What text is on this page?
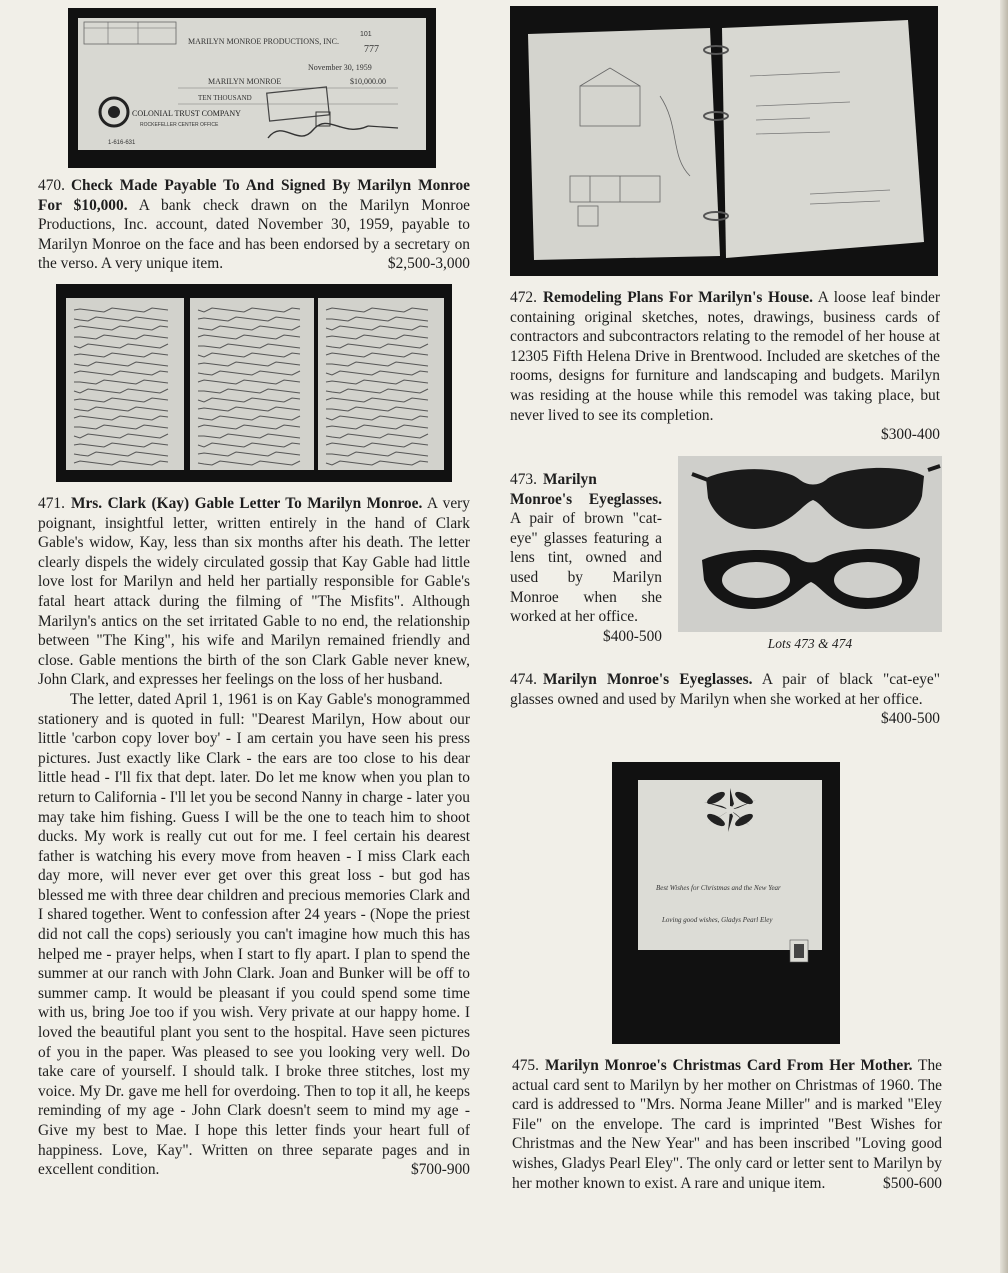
MARILYN MONROE PRODUCTIONS, INC.
101
777
November 30, 1959
MARILYN MONROE	$10,000.00
TEN THOUSAND
COLONIAL TRUST COMPANY
ROCKEFELLER CENTER OFFICE
1-616-631
470. Check Made Payable To And Signed By Marilyn Monroe For $10,000. A bank check drawn on the Marilyn Monroe Productions, Inc. account, dated November 30, 1959, payable to Marilyn Monroe on the face and has been endorsed by a secretary on the verso. A very unique item.	$2,500-3,000
471. Mrs. Clark (Kay) Gable Letter To Marilyn Monroe. A very poignant, insightful letter, written entirely in the hand of Clark Gable's widow, Kay, less than six months after his death. The letter clearly dispels the widely circulated gossip that Kay Gable had little love lost for Marilyn and held her partially responsible for Gable's fatal heart attack during the filming of "The Misfits". Although Marilyn's antics on the set irritated Gable to no end, the relationship between "The King", his wife and Marilyn remained friendly and close. Gable mentions the birth of the son Clark Gable never knew, John Clark, and expresses her feelings on the loss of her husband.

The letter, dated April 1, 1961 is on Kay Gable's monogrammed stationery and is quoted in full: "Dearest Marilyn, How about our little 'carbon copy lover boy' - I am certain you have seen his press pictures. Just exactly like Clark - the ears are too close to his dear little head - I'll fix that dept. later. Do let me know when you plan to return to California - I'll let you be second Nanny in charge - later you may take him fishing. Guess I will be the one to teach him to shoot ducks. My work is really cut out for me. I feel certain his dearest father is watching his every move from heaven - I miss Clark each day more, will never ever get over this great loss - but god has blessed me with three dear children and precious memories Clark and I shared together. Went to confession after 24 years - (Nope the priest did not call the cops) seriously you can't imagine how much this has helped me - prayer helps, when I start to fly apart. I plan to spend the summer at our ranch with John Clark. Joan and Bunker will be off to summer camp. It would be pleasant if you could spend some time with us, bring Joe too if you wish. Very private at our happy home. I loved the beautiful plant you sent to the hospital. Have seen pictures of you in the paper. Was pleased to see you looking very well. Do take care of yourself. I should talk. I broke three stitches, lost my voice. My Dr. gave me hell for overdoing. Then to top it all, he keeps reminding of my age - John Clark doesn't seem to mind my age - Give my best to Mae. I hope this letter finds your heart full of happiness. Love, Kay". Written on three separate pages and in excellent condition.	$700-900

472. Remodeling Plans For Marilyn's House. A loose leaf binder containing original sketches, notes, drawings, business cards of contractors and subcontractors relating to the remodel of her house at 12305 Fifth Helena Drive in Brentwood. Included are sketches of the rooms, designs for furniture and landscaping and budgets. Marilyn was residing at the house while this remodel was taking place, but never lived to see its completion.
$300-400
473. Marilyn Monroe's Eyeglasses. A pair of brown "cat-eye" glasses featuring a lens tint, owned and used by Marilyn Monroe when she worked at her office.
$400-500	Lots 473 & 474
474. Marilyn Monroe's Eyeglasses. A pair of black "cat-eye" glasses owned and used by Marilyn when she worked at her office.
$400-500
Best Wishes for Christmas and the New Year
Loving good wishes, Gladys Pearl Eley
475. Marilyn Monroe's Christmas Card From Her Mother. The actual card sent to Marilyn by her mother on Christmas of 1960. The card is addressed to "Mrs. Norma Jeane Miller" and is marked "Eley File" on the envelope. The card is imprinted "Best Wishes for Christmas and the New Year" and has been inscribed "Loving good wishes, Gladys Pearl Eley". The only card or letter sent to Marilyn by her mother known to exist. A rare and unique item.	$500-600
